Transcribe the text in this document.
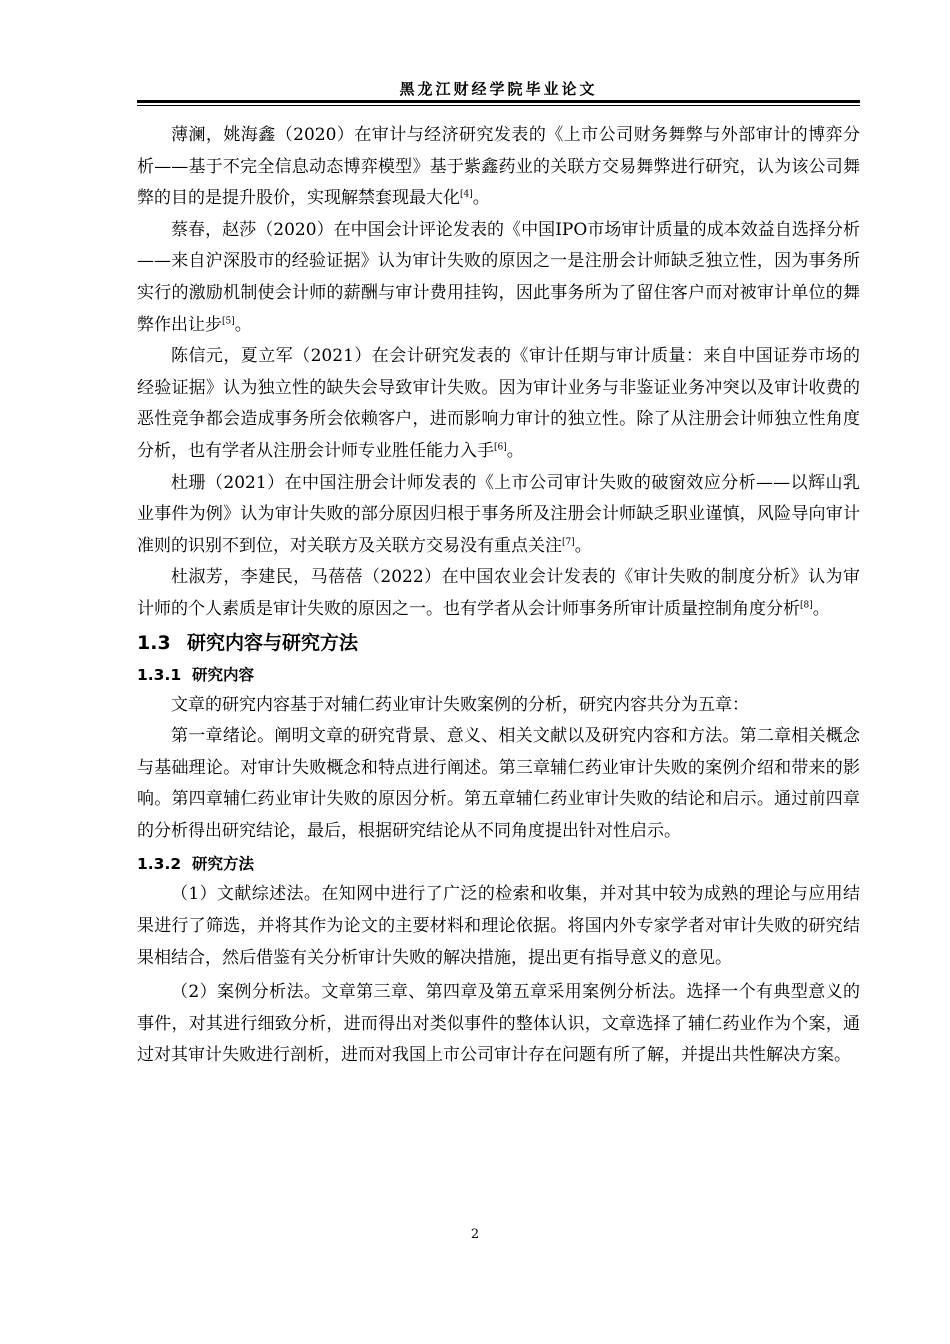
黑龙江财经学院毕业论文

薄澜，姚海鑫（2020）在审计与经济研究发表的《上市公司财务舞弊与外部审计的博弈分析——基于不完全信息动态博弈模型》基于紫鑫药业的关联方交易舞弊进行研究，认为该公司舞弊的目的是提升股价，实现解禁套现最大化[4]。

蔡春，赵莎（2020）在中国会计评论发表的《中国IPO市场审计质量的成本效益自选择分析——来自沪深股市的经验证据》认为审计失败的原因之一是注册会计师缺乏独立性，因为事务所实行的激励机制使会计师的薪酬与审计费用挂钩，因此事务所为了留住客户而对被审计单位的舞弊作出让步[5]。

陈信元，夏立军（2021）在会计研究发表的《审计任期与审计质量：来自中国证券市场的经验证据》认为独立性的缺失会导致审计失败。因为审计业务与非鉴证业务冲突以及审计收费的恶性竞争都会造成事务所会依赖客户，进而影响力审计的独立性。除了从注册会计师独立性角度分析，也有学者从注册会计师专业胜任能力入手[6]。

杜珊（2021）在中国注册会计师发表的《上市公司审计失败的破窗效应分析——以辉山乳业事件为例》认为审计失败的部分原因归根于事务所及注册会计师缺乏职业谨慎，风险导向审计准则的识别不到位，对关联方及关联方交易没有重点关注[7]。

杜淑芳，李建民，马蓓蓓（2022）在中国农业会计发表的《审计失败的制度分析》认为审计师的个人素质是审计失败的原因之一。也有学者从会计师事务所审计质量控制角度分析[8]。

1.3 研究内容与研究方法
1.3.1 研究内容

文章的研究内容基于对辅仁药业审计失败案例的分析，研究内容共分为五章：

第一章绪论。阐明文章的研究背景、意义、相关文献以及研究内容和方法。第二章相关概念与基础理论。对审计失败概念和特点进行阐述。第三章辅仁药业审计失败的案例介绍和带来的影响。第四章辅仁药业审计失败的原因分析。第五章辅仁药业审计失败的结论和启示。通过前四章的分析得出研究结论，最后，根据研究结论从不同角度提出针对性启示。

1.3.2 研究方法

（1）文献综述法。在知网中进行了广泛的检索和收集，并对其中较为成熟的理论与应用结果进行了筛选，并将其作为论文的主要材料和理论依据。将国内外专家学者对审计失败的研究结果相结合，然后借鉴有关分析审计失败的解决措施，提出更有指导意义的意见。

（2）案例分析法。文章第三章、第四章及第五章采用案例分析法。选择一个有典型意义的事件，对其进行细致分析，进而得出对类似事件的整体认识，文章选择了辅仁药业作为个案，通过对其审计失败进行剖析，进而对我国上市公司审计存在问题有所了解，并提出共性解决方案。

2
